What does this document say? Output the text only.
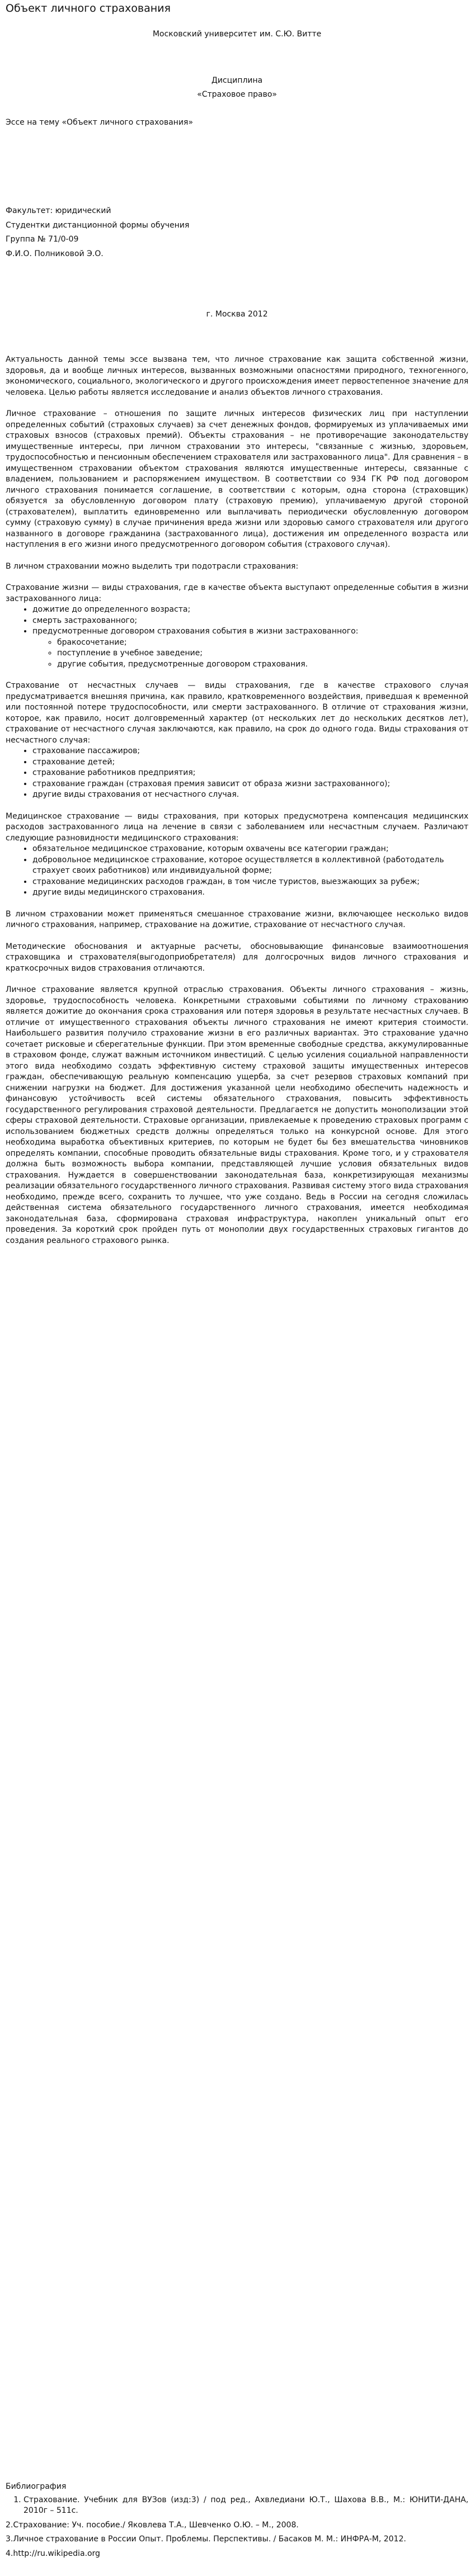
Объект личного страхования

Московский университет им. С.Ю. Витте

Дисциплина

«Страховое право»

Эссе на тему «Объект личного страхования»

Факультет: юридический

Студентки дистанционной формы обучения

Группа № 71/0-09

Ф.И.О. Полниковой Э.О.

г. Москва 2012

Актуальность данной темы эссе вызвана тем, что личное страхование как защита собственной жизни, здоровья, да и вообще личных интересов, вызванных возможными опасностями природного, техногенного, экономического, социального, экологического и другого происхождения имеет первостепенное значение для человека. Целью работы является исследование и анализ объектов личного страхования.

Личное страхование – отношения по защите личных интересов физических лиц при наступлении определенных событий (страховых случаев) за счет денежных фондов, формируемых из уплачиваемых ими страховых взносов (страховых премий). Объекты страхования – не противоречащие законодательству имущественные интересы, при личном страховании это интересы, "связанные с жизнью, здоровьем, трудоспособностью и пенсионным обеспечением страхователя или застрахованного лица". Для сравнения – в имущественном страховании объектом страхования являются имущественные интересы, связанные с владением, пользованием и распоряжением имуществом. В соответствии со 934 ГК РФ под договором личного страхования понимается соглашение, в соответствии с которым, одна сторона (страховщик) обязуется за обусловленную договором плату (страховую премию), уплачиваемую другой стороной (страхователем), выплатить единовременно или выплачивать периодически обусловленную договором сумму (страховую сумму) в случае причинения вреда жизни или здоровью самого страхователя или другого названного в договоре гражданина (застрахованного лица), достижения им определенного возраста или наступления в его жизни иного предусмотренного договором события (страхового случая).

В личном страховании можно выделить три подотрасли страхования:

Страхование жизни — виды страхования, где в качестве объекта выступают определенные события в жизни застрахованного лица:

• дожитие до определенного возраста;
• смерть застрахованного;
• предусмотренные договором страхования события в жизни застрахованного:
◦ бракосочетание;
◦ поступление в учебное заведение;
◦ другие события, предусмотренные договором страхования.

Страхование от несчастных случаев — виды страхования, где в качестве страхового случая предусматривается внешняя причина, как правило, кратковременного воздействия, приведшая к временной или постоянной потере трудоспособности, или смерти застрахованного. В отличие от страхования жизни, которое, как правило, носит долговременный характер (от нескольких лет до нескольких десятков лет), страхование от несчастного случая заключаются, как правило, на срок до одного года. Виды страхования от несчастного случая:

• страхование пассажиров;
• страхование детей;
• страхование работников предприятия;
• страхование граждан (страховая премия зависит от образа жизни застрахованного);
• другие виды страхования от несчастного случая.

Медицинское страхование — виды страхования, при которых предусмотрена компенсация медицинских расходов застрахованного лица на лечение в связи с заболеванием или несчастным случаем. Различают следующие разновидности медицинского страхования:

• обязательное медицинское страхование, которым охвачены все категории граждан;
• добровольное медицинское страхование, которое осуществляется в коллективной (работодатель страхует своих работников) или индивидуальной форме;
• страхование медицинских расходов граждан, в том числе туристов, выезжающих за рубеж;
• другие виды медицинского страхования.

В личном страховании может применяться смешанное страхование жизни, включающее несколько видов личного страхования, например, страхование на дожитие, страхование от несчастного случая.

Методические обоснования и актуарные расчеты, обосновывающие финансовые взаимоотношения страховщика и страхователя(выгодоприобретателя) для долгосрочных видов личного страхования и краткосрочных видов страхования отличаются.

Личное страхование является крупной отраслью страхования. Объекты личного страхования – жизнь, здоровье, трудоспособность человека. Конкретными страховыми событиями по личному страхованию является дожитие до окончания срока страхования или потеря здоровья в результате несчастных случаев. В отличие от имущественного страхования объекты личного страхования не имеют критерия стоимости. Наибольшего развития получило страхование жизни в его различных вариантах. Это страхование удачно сочетает рисковые и сберегательные функции. При этом временные свободные средства, аккумулированные в страховом фонде, служат важным источником инвестиций. С целью усиления социальной направленности этого вида необходимо создать эффективную систему страховой защиты имущественных интересов граждан, обеспечивающую реальную компенсацию ущерба, за счет резервов страховых компаний при снижении нагрузки на бюджет. Для достижения указанной цели необходимо обеспечить надежность и финансовую устойчивость всей системы обязательного страхования, повысить эффективность государственного регулирования страховой деятельности. Предлагается не допустить монополизации этой сферы страховой деятельности. Страховые организации, привлекаемые к проведению страховых программ с использованием бюджетных средств должны определяться только на конкурсной основе. Для этого необходима выработка объективных критериев, по которым не будет бы без вмешательства чиновников определять компании, способные проводить обязательные виды страхования. Кроме того, и у страхователя должна быть возможность выбора компании, представляющей лучшие условия обязательных видов страхования. Нуждается в совершенствовании законодательная база, конкретизирующая механизмы реализации обязательного государственного личного страхования. Развивая систему этого вида страхования необходимо, прежде всего, сохранить то лучшее, что уже создано. Ведь в России на сегодня сложилась действенная система обязательного государственного личного страхования, имеется необходимая законодательная база, сформирована страховая инфраструктура, накоплен уникальный опыт его проведения. За короткий срок пройден путь от монополии двух государственных страховых гигантов до создания реального страхового рынка.

Библиография

1. Страхование. Учебник для ВУЗов (изд:3) / под ред., Ахвледиани Ю.Т., Шахова В.В., М.: ЮНИТИ-ДАНА, 2010г – 511с.

2.Страхование: Уч. пособие./ Яковлева Т.А., Шевченко О.Ю. – М., 2008.

3.Личное страхование в России Опыт. Проблемы. Перспективы. / Басаков М. М.: ИНФРА-М, 2012.

4.http://ru.wikipedia.org
